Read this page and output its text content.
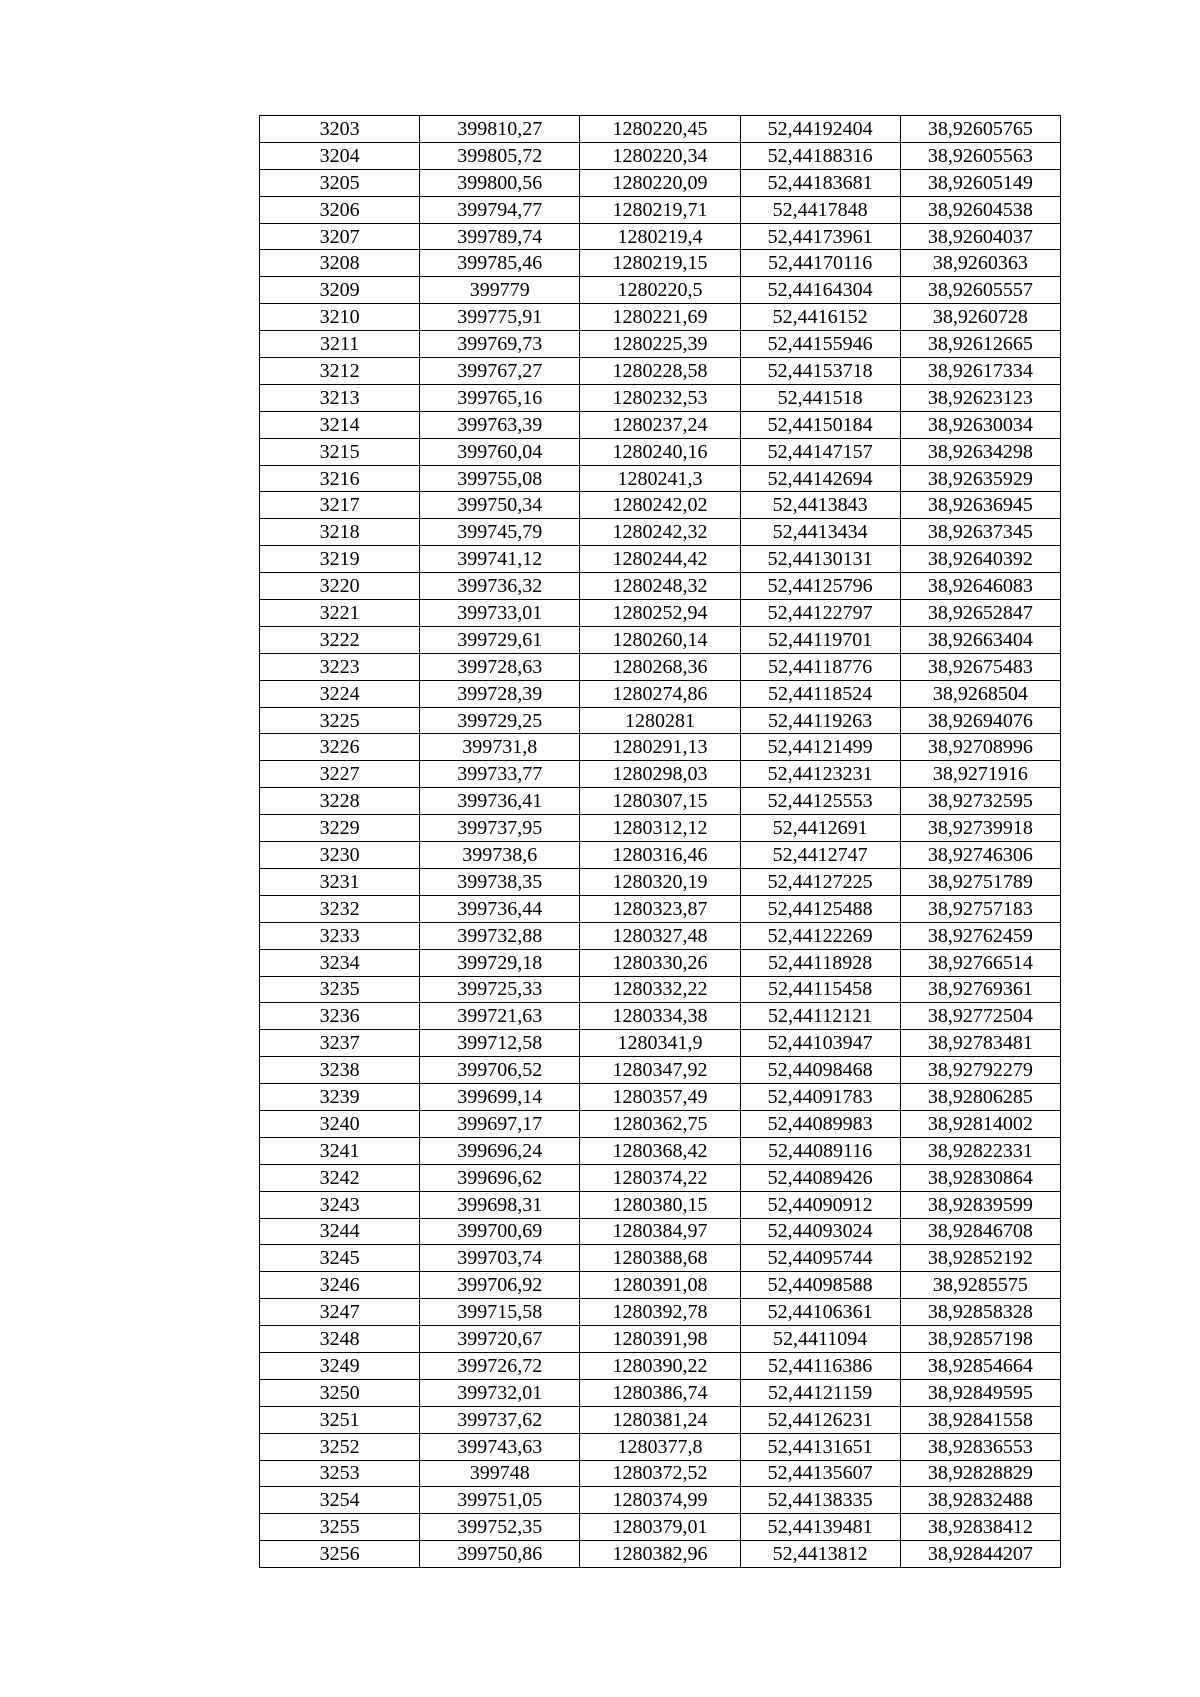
3203	399810,27	1280220,45	52,44192404	38,92605765
3204	399805,72	1280220,34	52,44188316	38,92605563
3205	399800,56	1280220,09	52,44183681	38,92605149
3206	399794,77	1280219,71	52,4417848	38,92604538
3207	399789,74	1280219,4	52,44173961	38,92604037
3208	399785,46	1280219,15	52,44170116	38,9260363
3209	399779	1280220,5	52,44164304	38,92605557
3210	399775,91	1280221,69	52,4416152	38,9260728
3211	399769,73	1280225,39	52,44155946	38,92612665
3212	399767,27	1280228,58	52,44153718	38,92617334
3213	399765,16	1280232,53	52,441518	38,92623123
3214	399763,39	1280237,24	52,44150184	38,92630034
3215	399760,04	1280240,16	52,44147157	38,92634298
3216	399755,08	1280241,3	52,44142694	38,92635929
3217	399750,34	1280242,02	52,4413843	38,92636945
3218	399745,79	1280242,32	52,4413434	38,92637345
3219	399741,12	1280244,42	52,44130131	38,92640392
3220	399736,32	1280248,32	52,44125796	38,92646083
3221	399733,01	1280252,94	52,44122797	38,92652847
3222	399729,61	1280260,14	52,44119701	38,92663404
3223	399728,63	1280268,36	52,44118776	38,92675483
3224	399728,39	1280274,86	52,44118524	38,9268504
3225	399729,25	1280281	52,44119263	38,92694076
3226	399731,8	1280291,13	52,44121499	38,92708996
3227	399733,77	1280298,03	52,44123231	38,9271916
3228	399736,41	1280307,15	52,44125553	38,92732595
3229	399737,95	1280312,12	52,4412691	38,92739918
3230	399738,6	1280316,46	52,4412747	38,92746306
3231	399738,35	1280320,19	52,44127225	38,92751789
3232	399736,44	1280323,87	52,44125488	38,92757183
3233	399732,88	1280327,48	52,44122269	38,92762459
3234	399729,18	1280330,26	52,44118928	38,92766514
3235	399725,33	1280332,22	52,44115458	38,92769361
3236	399721,63	1280334,38	52,44112121	38,92772504
3237	399712,58	1280341,9	52,44103947	38,92783481
3238	399706,52	1280347,92	52,44098468	38,92792279
3239	399699,14	1280357,49	52,44091783	38,92806285
3240	399697,17	1280362,75	52,44089983	38,92814002
3241	399696,24	1280368,42	52,44089116	38,92822331
3242	399696,62	1280374,22	52,44089426	38,92830864
3243	399698,31	1280380,15	52,44090912	38,92839599
3244	399700,69	1280384,97	52,44093024	38,92846708
3245	399703,74	1280388,68	52,44095744	38,92852192
3246	399706,92	1280391,08	52,44098588	38,9285575
3247	399715,58	1280392,78	52,44106361	38,92858328
3248	399720,67	1280391,98	52,4411094	38,92857198
3249	399726,72	1280390,22	52,44116386	38,92854664
3250	399732,01	1280386,74	52,44121159	38,92849595
3251	399737,62	1280381,24	52,44126231	38,92841558
3252	399743,63	1280377,8	52,44131651	38,92836553
3253	399748	1280372,52	52,44135607	38,92828829
3254	399751,05	1280374,99	52,44138335	38,92832488
3255	399752,35	1280379,01	52,44139481	38,92838412
3256	399750,86	1280382,96	52,4413812	38,92844207
